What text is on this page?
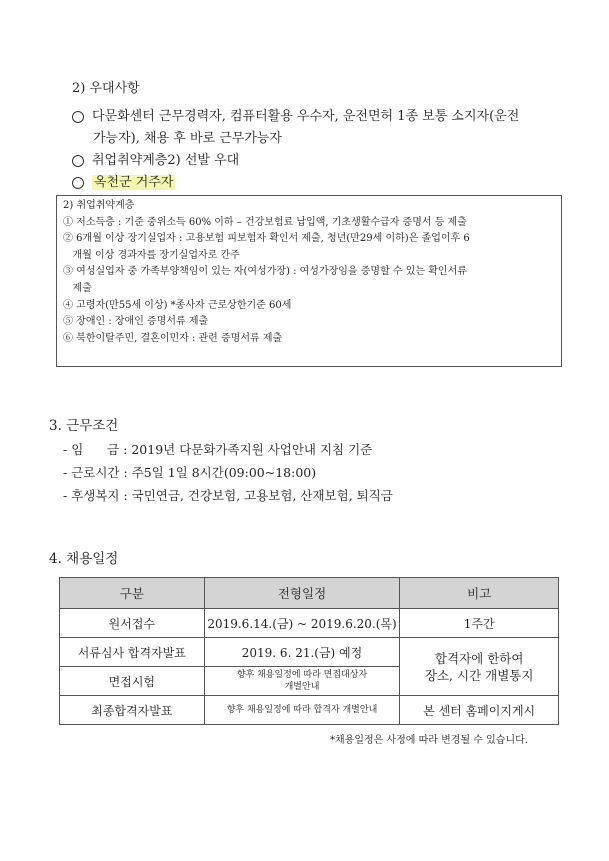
2) 우대사항
다문화센터 근무경력자, 컴퓨터활용 우수자, 운전면허 1종 보통 소지자(운전
가능자), 채용 후 바로 근무가능자
취업취약계층2) 선발 우대
옥천군 거주자
2) 취업취약계층
① 저소득층 : 기준 중위소득 60% 이하 – 건강보험료 납입액, 기초생활수급자 증명서 등 제출
② 6개월 이상 장기실업자 : 고용보험 피보험자 확인서 제출, 청년(만29세 이하)은 졸업이후 6
개월 이상 경과자를 장기실업자로 간주
③ 여성실업자 중 가족부양책임이 있는 자(여성가장) : 여성가장임을 증명할 수 있는 확인서류
제출
④ 고령자(만55세 이상) *종사자 근로상한기준 60세
⑤ 장애인 : 장애인 증명서류 제출
⑥ 북한이탈주민, 결혼이민자 : 관련 증명서류 제출
3. 근무조건
- 임      금 : 2019년 다문화가족지원 사업안내 지침 기준
- 근로시간 : 주5일 1일 8시간(09:00~18:00)
- 후생복지 : 국민연금, 건강보험, 고용보험, 산재보험, 퇴직금
4. 채용일정
구분	전형일정	비고
원서접수	2019.6.14.(금) ~ 2019.6.20.(목)	1주간
서류심사 합격자발표	2019. 6. 21.(금) 예정	합격자에 한하여
장소, 시간 개별통지

면접시험	향후 채용일정에 따라 면접대상자
개별안내	

최종합격자발표	향후 채용일정에 따라 합격자 개별안내	본 센터 홈페이지게시
*채용일정은 사정에 따라 변경될 수 있습니다.
